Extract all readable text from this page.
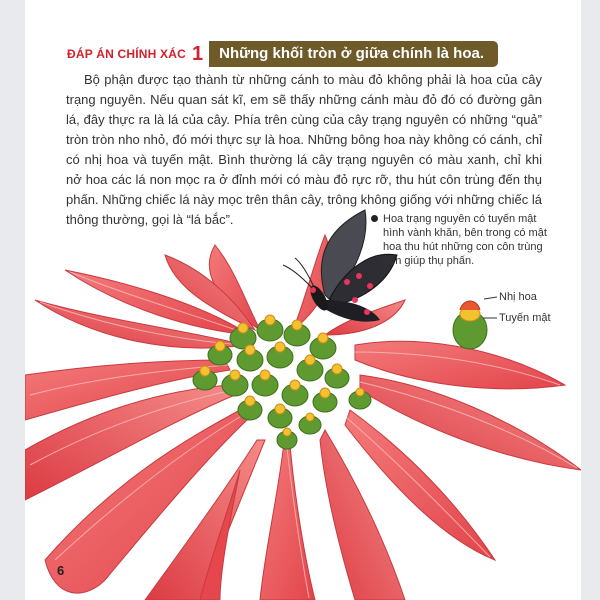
ĐÁP ÁN CHÍNH XÁC 1	Những khối tròn ở giữa chính là hoa.

Bộ phận được tạo thành từ những cánh to màu đỏ không phải là hoa của cây trạng nguyên. Nếu quan sát kĩ, em sẽ thấy những cánh màu đỏ đó có đường gân lá, đây thực ra là lá của cây. Phía trên cùng của cây trạng nguyên có những “quả” tròn tròn nho nhỏ, đó mới thực sự là hoa. Những bông hoa này không có cánh, chỉ có nhị hoa và tuyến mật. Bình thường lá cây trạng nguyên có màu xanh, chỉ khi nở hoa các lá non mọc ra ở đỉnh mới có màu đỏ rực rỡ, thu hút côn trùng đến thụ phấn. Những chiếc lá này mọc trên thân cây, trông không giống với những chiếc lá thông thường, gọi là “lá bắc”.	Hoa trạng nguyên có tuyến mật hình vành khăn, bên trong có mật hoa thu hút những con côn trùng đến giúp thụ phấn.
Nhị hoa
Tuyến mật
6
